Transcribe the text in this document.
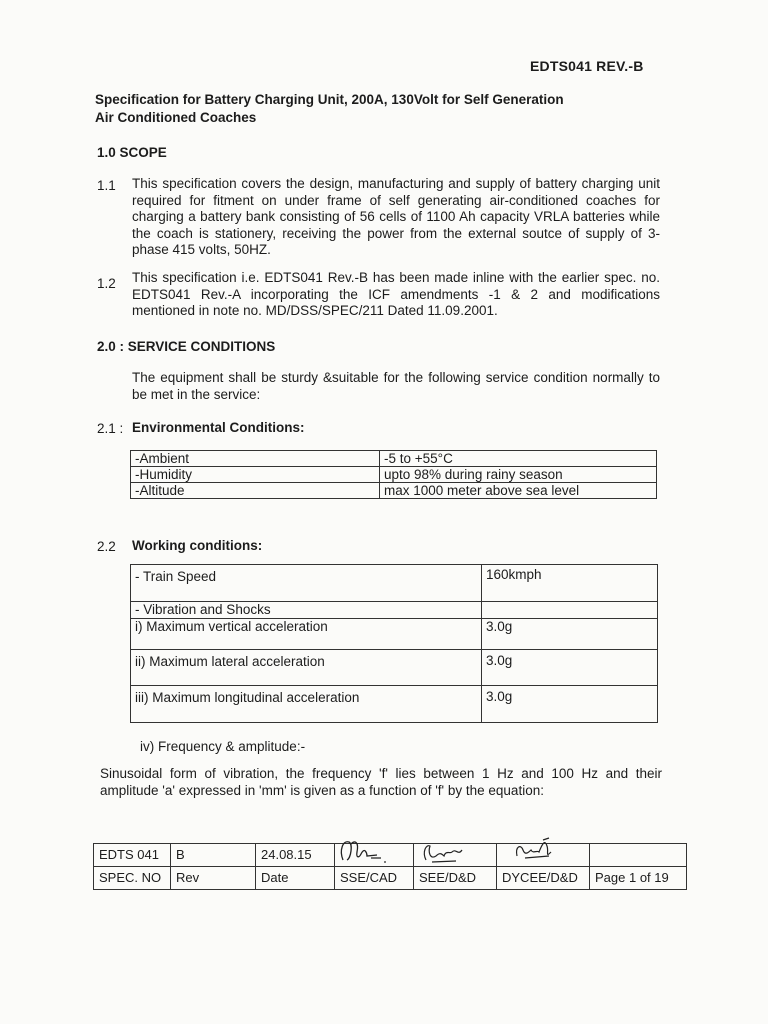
EDTS041 REV.-B
Specification for Battery Charging Unit, 200A, 130Volt for Self Generation
Air Conditioned Coaches
1.0 SCOPE
1.1 This specification covers the design, manufacturing and supply of battery charging unit required for fitment on under frame of self generating air-conditioned coaches for charging a battery bank consisting of 56 cells of 1100 Ah capacity VRLA batteries while the coach is stationery, receiving the power from the external soutce of supply of 3- phase 415 volts, 50HZ.
1.2 This specification i.e. EDTS041 Rev.-B has been made inline with the earlier spec. no. EDTS041 Rev.-A incorporating the ICF amendments -1 & 2 and modifications mentioned in note no. MD/DSS/SPEC/211 Dated 11.09.2001.
2.0 : SERVICE CONDITIONS
The equipment shall be sturdy &suitable for the following service condition normally to be met in the service:
2.1 : Environmental Conditions:
-Ambient	-5 to +55°C
-Humidity	upto 98% during rainy season
-Altitude	max 1000 meter above sea level
2.2 Working conditions:
- Train Speed	160kmph
- Vibration and Shocks	
i) Maximum vertical acceleration	3.0g
ii) Maximum lateral acceleration	3.0g
iii) Maximum longitudinal acceleration	3.0g
iv) Frequency & amplitude:-
Sinusoidal form of vibration, the frequency 'f' lies between 1 Hz and 100 Hz and their amplitude 'a' expressed in 'mm' is given as a function of 'f' by the equation:
EDTS 041	B	24.08.15	

SPEC. NO	Rev	Date	SSE/CAD	SEE/D&D	DYCEE/D&D	Page 1 of 19
